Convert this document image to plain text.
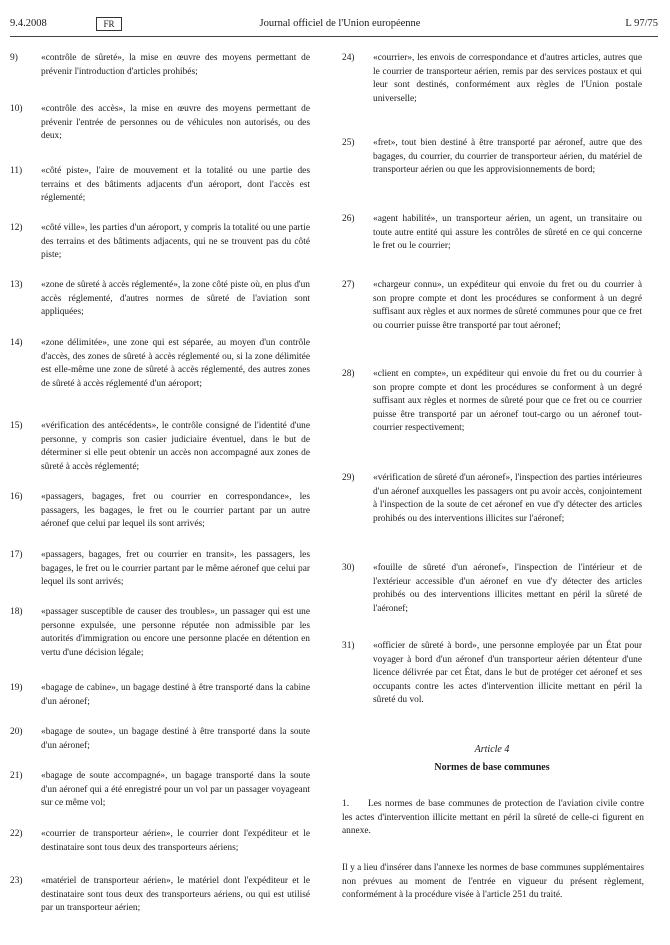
9.4.2008	FR	Journal officiel de l'Union européenne	L 97/75
9) «contrôle de sûreté», la mise en œuvre des moyens permettant de prévenir l'introduction d'articles prohibés;
10) «contrôle des accès», la mise en œuvre des moyens permettant de prévenir l'entrée de personnes ou de véhicules non autorisés, ou des deux;
11) «côté piste», l'aire de mouvement et la totalité ou une partie des terrains et des bâtiments adjacents d'un aéroport, dont l'accès est réglementé;
12) «côté ville», les parties d'un aéroport, y compris la totalité ou une partie des terrains et des bâtiments adjacents, qui ne se trouvent pas du côté piste;
13) «zone de sûreté à accès réglementé», la zone côté piste où, en plus d'un accès réglementé, d'autres normes de sûreté de l'aviation sont appliquées;
14) «zone délimitée», une zone qui est séparée, au moyen d'un contrôle d'accès, des zones de sûreté à accès réglementé ou, si la zone délimitée est elle-même une zone de sûreté à accès réglementé, des autres zones de sûreté à accès réglementé d'un aéroport;
15) «vérification des antécédents», le contrôle consigné de l'identité d'une personne, y compris son casier judiciaire éventuel, dans le but de déterminer si elle peut obtenir un accès non accompagné aux zones de sûreté à accès réglementé;
16) «passagers, bagages, fret ou courrier en correspondance», les passagers, les bagages, le fret ou le courrier partant par un autre aéronef que celui par lequel ils sont arrivés;
17) «passagers, bagages, fret ou courrier en transit», les passagers, les bagages, le fret ou le courrier partant par le même aéronef que celui par lequel ils sont arrivés;
18) «passager susceptible de causer des troubles», un passager qui est une personne expulsée, une personne réputée non admissible par les autorités d'immigration ou encore une personne placée en détention en vertu d'une décision légale;
19) «bagage de cabine», un bagage destiné à être transporté dans la cabine d'un aéronef;
20) «bagage de soute», un bagage destiné à être transporté dans la soute d'un aéronef;
21) «bagage de soute accompagné», un bagage transporté dans la soute d'un aéronef qui a été enregistré pour un vol par un passager voyageant sur ce même vol;
22) «courrier de transporteur aérien», le courrier dont l'expéditeur et le destinataire sont tous deux des transporteurs aériens;
23) «matériel de transporteur aérien», le matériel dont l'expéditeur et le destinataire sont tous deux des transporteurs aériens, ou qui est utilisé par un transporteur aérien;
24) «courrier», les envois de correspondance et d'autres articles, autres que le courrier de transporteur aérien, remis par des services postaux et qui leur sont destinés, conformément aux règles de l'Union postale universelle;
25) «fret», tout bien destiné à être transporté par aéronef, autre que des bagages, du courrier, du courrier de transporteur aérien, du matériel de transporteur aérien ou que les approvisionnements de bord;
26) «agent habilité», un transporteur aérien, un agent, un transitaire ou toute autre entité qui assure les contrôles de sûreté en ce qui concerne le fret ou le courrier;
27) «chargeur connu», un expéditeur qui envoie du fret ou du courrier à son propre compte et dont les procédures se conforment à un degré suffisant aux règles et aux normes de sûreté communes pour que ce fret ou courrier puisse être transporté par tout aéronef;
28) «client en compte», un expéditeur qui envoie du fret ou du courrier à son propre compte et dont les procédures se conforment à un degré suffisant aux règles et normes de sûreté pour que ce fret ou ce courrier puisse être transporté par un aéronef tout-cargo ou un aéronef tout-courrier respectivement;
29) «vérification de sûreté d'un aéronef», l'inspection des parties intérieures d'un aéronef auxquelles les passagers ont pu avoir accès, conjointement à l'inspection de la soute de cet aéronef en vue d'y détecter des articles prohibés ou des interventions illicites sur l'aéronef;
30) «fouille de sûreté d'un aéronef», l'inspection de l'intérieur et de l'extérieur accessible d'un aéronef en vue d'y détecter des articles prohibés ou des interventions illicites mettant en péril la sûreté de l'aéronef;
31) «officier de sûreté à bord», une personne employée par un État pour voyager à bord d'un aéronef d'un transporteur aérien détenteur d'une licence délivrée par cet État, dans le but de protéger cet aéronef et ses occupants contre les actes d'intervention illicite mettant en péril la sûreté du vol.
Article 4
Normes de base communes
1. Les normes de base communes de protection de l'aviation civile contre les actes d'intervention illicite mettant en péril la sûreté de celle-ci figurent en annexe.
Il y a lieu d'insérer dans l'annexe les normes de base communes supplémentaires non prévues au moment de l'entrée en vigueur du présent règlement, conformément à la procédure visée à l'article 251 du traité.
